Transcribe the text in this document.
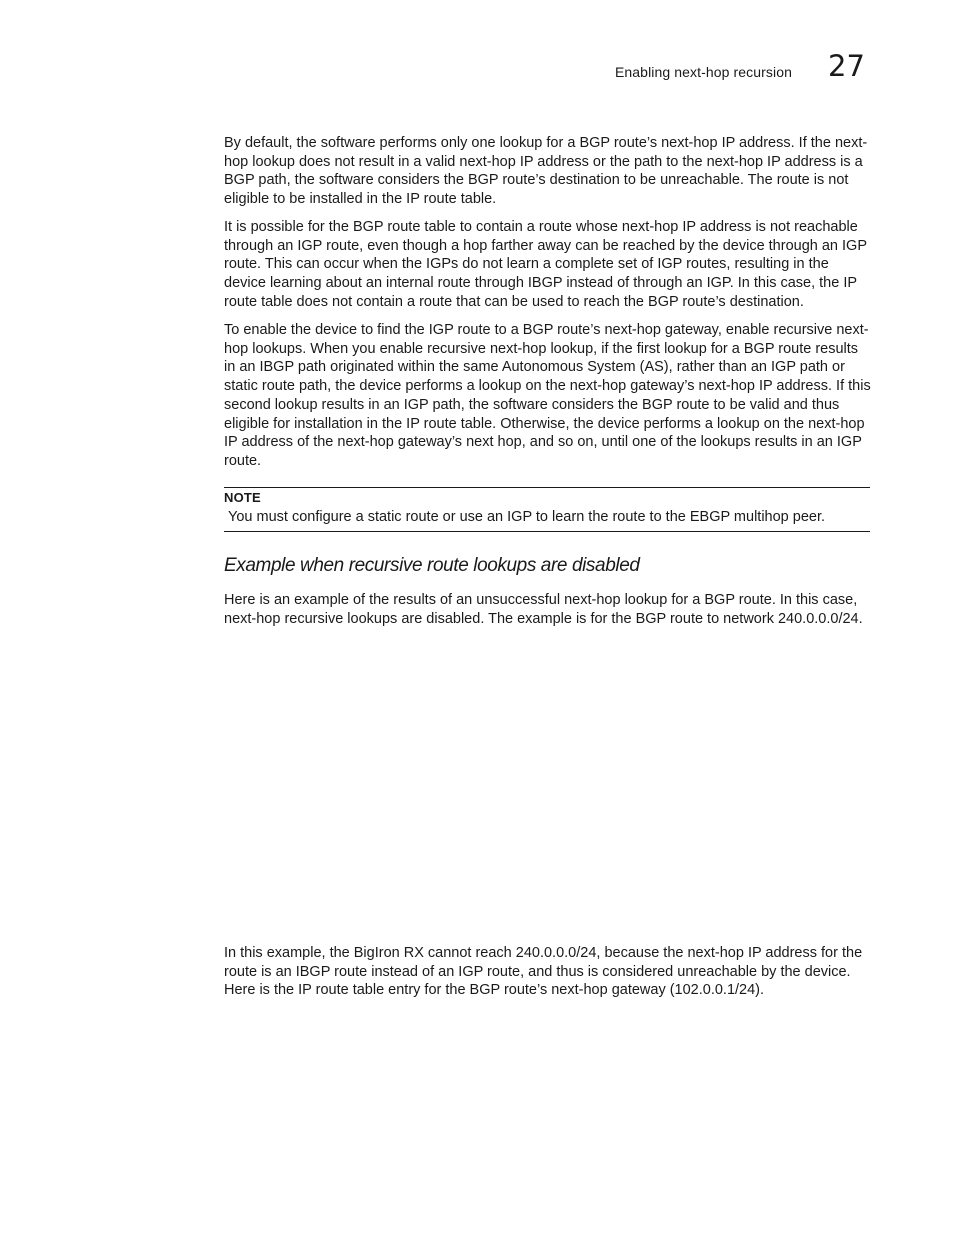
Enabling next-hop recursion 27

By default, the software performs only one lookup for a BGP route’s next-hop IP address. If the next-hop lookup does not result in a valid next-hop IP address or the path to the next-hop IP address is a BGP path, the software considers the BGP route’s destination to be unreachable. The route is not eligible to be installed in the IP route table.

It is possible for the BGP route table to contain a route whose next-hop IP address is not reachable through an IGP route, even though a hop farther away can be reached by the device through an IGP route. This can occur when the IGPs do not learn a complete set of IGP routes, resulting in the device learning about an internal route through IBGP instead of through an IGP. In this case, the IP route table does not contain a route that can be used to reach the BGP route’s destination.

To enable the device to find the IGP route to a BGP route’s next-hop gateway, enable recursive next-hop lookups. When you enable recursive next-hop lookup, if the first lookup for a BGP route results in an IBGP path originated within the same Autonomous System (AS), rather than an IGP path or static route path, the device performs a lookup on the next-hop gateway’s next-hop IP address. If this second lookup results in an IGP path, the software considers the BGP route to be valid and thus eligible for installation in the IP route table. Otherwise, the device performs a lookup on the next-hop IP address of the next-hop gateway’s next hop, and so on, until one of the lookups results in an IGP route.

NOTE
You must configure a static route or use an IGP to learn the route to the EBGP multihop peer.
Example when recursive route lookups are disabled

Here is an example of the results of an unsuccessful next-hop lookup for a BGP route. In this case, next-hop recursive lookups are disabled. The example is for the BGP route to network 240.0.0.0/24.

In this example, the BigIron RX cannot reach 240.0.0.0/24, because the next-hop IP address for the route is an IBGP route instead of an IGP route, and thus is considered unreachable by the device. Here is the IP route table entry for the BGP route’s next-hop gateway (102.0.0.1/24).
